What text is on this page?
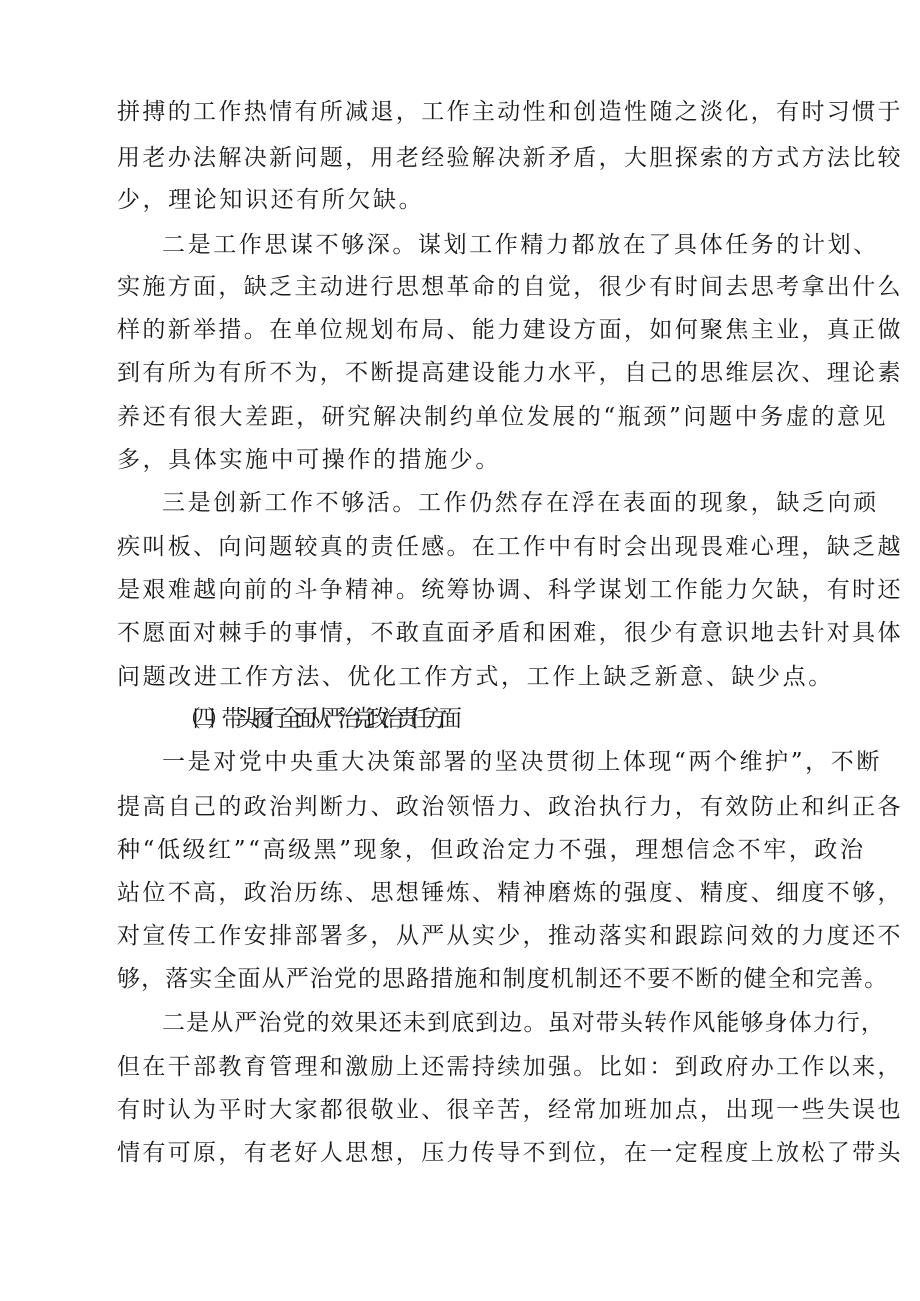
拼搏的工作热情有所减退，工作主动性和创造性随之淡化，有时习惯于
用老办法解决新问题，用老经验解决新矛盾，大胆探索的方式方法比较
少，理论知识还有所欠缺。
二是工作思谋不够深。谋划工作精力都放在了具体任务的计划、
实施方面，缺乏主动进行思想革命的自觉，很少有时间去思考拿出什么
样的新举措。在单位规划布局、能力建设方面，如何聚焦主业，真正做
到有所为有所不为，不断提高建设能力水平，自己的思维层次、理论素
养还有很大差距，研究解决制约单位发展的“瓶颈”问题中务虚的意见
多，具体实施中可操作的措施少。
三是创新工作不够活。工作仍然存在浮在表面的现象，缺乏向顽
疾叫板、向问题较真的责任感。在工作中有时会出现畏难心理，缺乏越
是艰难越向前的斗争精神。统筹协调、科学谋划工作能力欠缺，有时还
不愿面对棘手的事情，不敢直面矛盾和困难，很少有意识地去针对具体
问题改进工作方法、优化工作方式，工作上缺乏新意、缺少点。
（四）带头履行全面从严治党政治责任方面
一是对党中央重大决策部署的坚决贯彻上体现“两个维护”，不断
提高自己的政治判断力、政治领悟力、政治执行力，有效防止和纠正各
种“低级红”“高级黑”现象，但政治定力不强，理想信念不牢，政治
站位不高，政治历练、思想锤炼、精神磨炼的强度、精度、细度不够，
对宣传工作安排部署多，从严从实少，推动落实和跟踪问效的力度还不
够，落实全面从严治党的思路措施和制度机制还不要不断的健全和完善。
二是从严治党的效果还未到底到边。虽对带头转作风能够身体力行，
但在干部教育管理和激励上还需持续加强。比如：到政府办工作以来，
有时认为平时大家都很敬业、很辛苦，经常加班加点，出现一些失误也
情有可原，有老好人思想，压力传导不到位，在一定程度上放松了带头
